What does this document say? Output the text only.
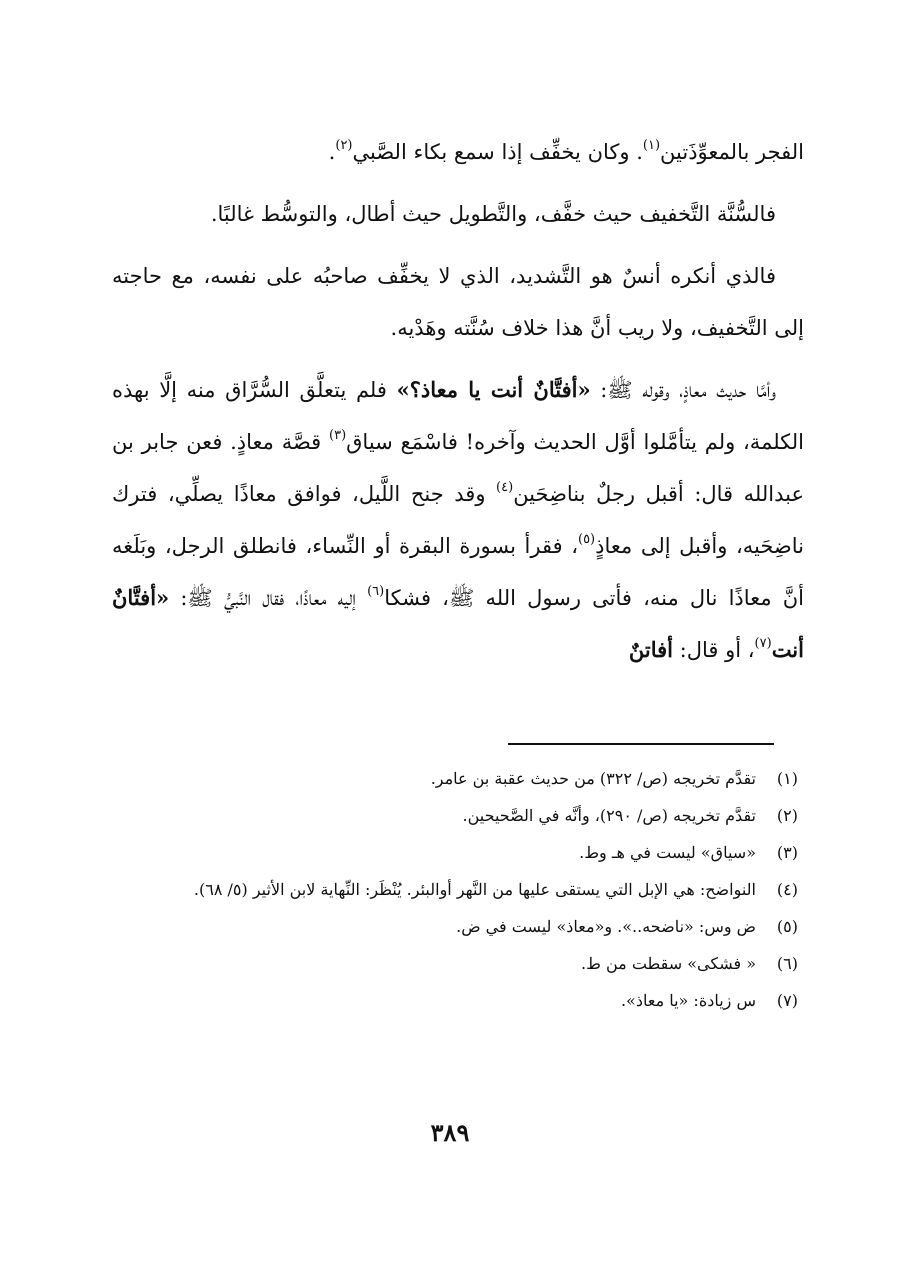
الفجر بالمعوِّذَتين$^{(١)}$. وكان يخفِّف إذا سمع بكاء الصَّبي$^{(٢)}$.

فالسُّنَّة التَّخفيف حيث خفَّف، والتَّطويل حيث أطال، والتوسُّط غالبًا.

فالذي أنكره أنسٌ هو التَّشديد، الذي لا يخفِّف صاحبُه على نفسه، مع حاجته إلى التَّخفيف، ولا ريب أنَّ هذا خلاف سُنَّته وهَدْيه.

وأمَّا حديث معاذٍ، وقوله ﷺ: «أفتَّانٌ أنت يا معاذ؟» فلم يتعلَّق السُّرَّاق منه إلَّا بهذه الكلمة، ولم يتأمَّلوا أوَّل الحديث وآخره! فاسْمَع سياق$^{(٣)}$ قصَّة معاذٍ. فعن جابر بن عبدالله قال: أقبل رجلٌ بناضِحَين$^{(٤)}$ وقد جنح اللَّيل، فوافق معاذًا يصلِّي، فترك ناضِحَيه، وأقبل إلى معاذٍ$^{(٥)}$، فقرأ بسورة البقرة أو النِّساء، فانطلق الرجل، وبَلَغه أنَّ معاذًا نال منه، فأتى رسول الله ﷺ، فشكا$^{(٦)}$ إليه معاذًا، فقال النَّبيُّ ﷺ: «أفتَّانٌ أنت$^{(٧)}$، أو قال: أفاتنٌ

(١)
تقدَّم تخريجه (ص/ ٣٢٢) من حديث عقبة بن عامر.
(٢)
تقدَّم تخريجه (ص/ ٢٩٠)، وأنَّه في الصَّحيحين.
(٣)
«سياق» ليست في هـ وط.
(٤)
النواضح: هي الإبل التي يستقى عليها من النَّهر أوالبئر. يُنْظَر: النِّهاية لابن الأثير (٥/ ٦٨).
(٥)
ض وس: «ناضحه..». و«معاذ» ليست في ض.
(٦)
« فشكى» سقطت من ط.
(٧)
س زيادة: «يا معاذ».
٣٨٩
